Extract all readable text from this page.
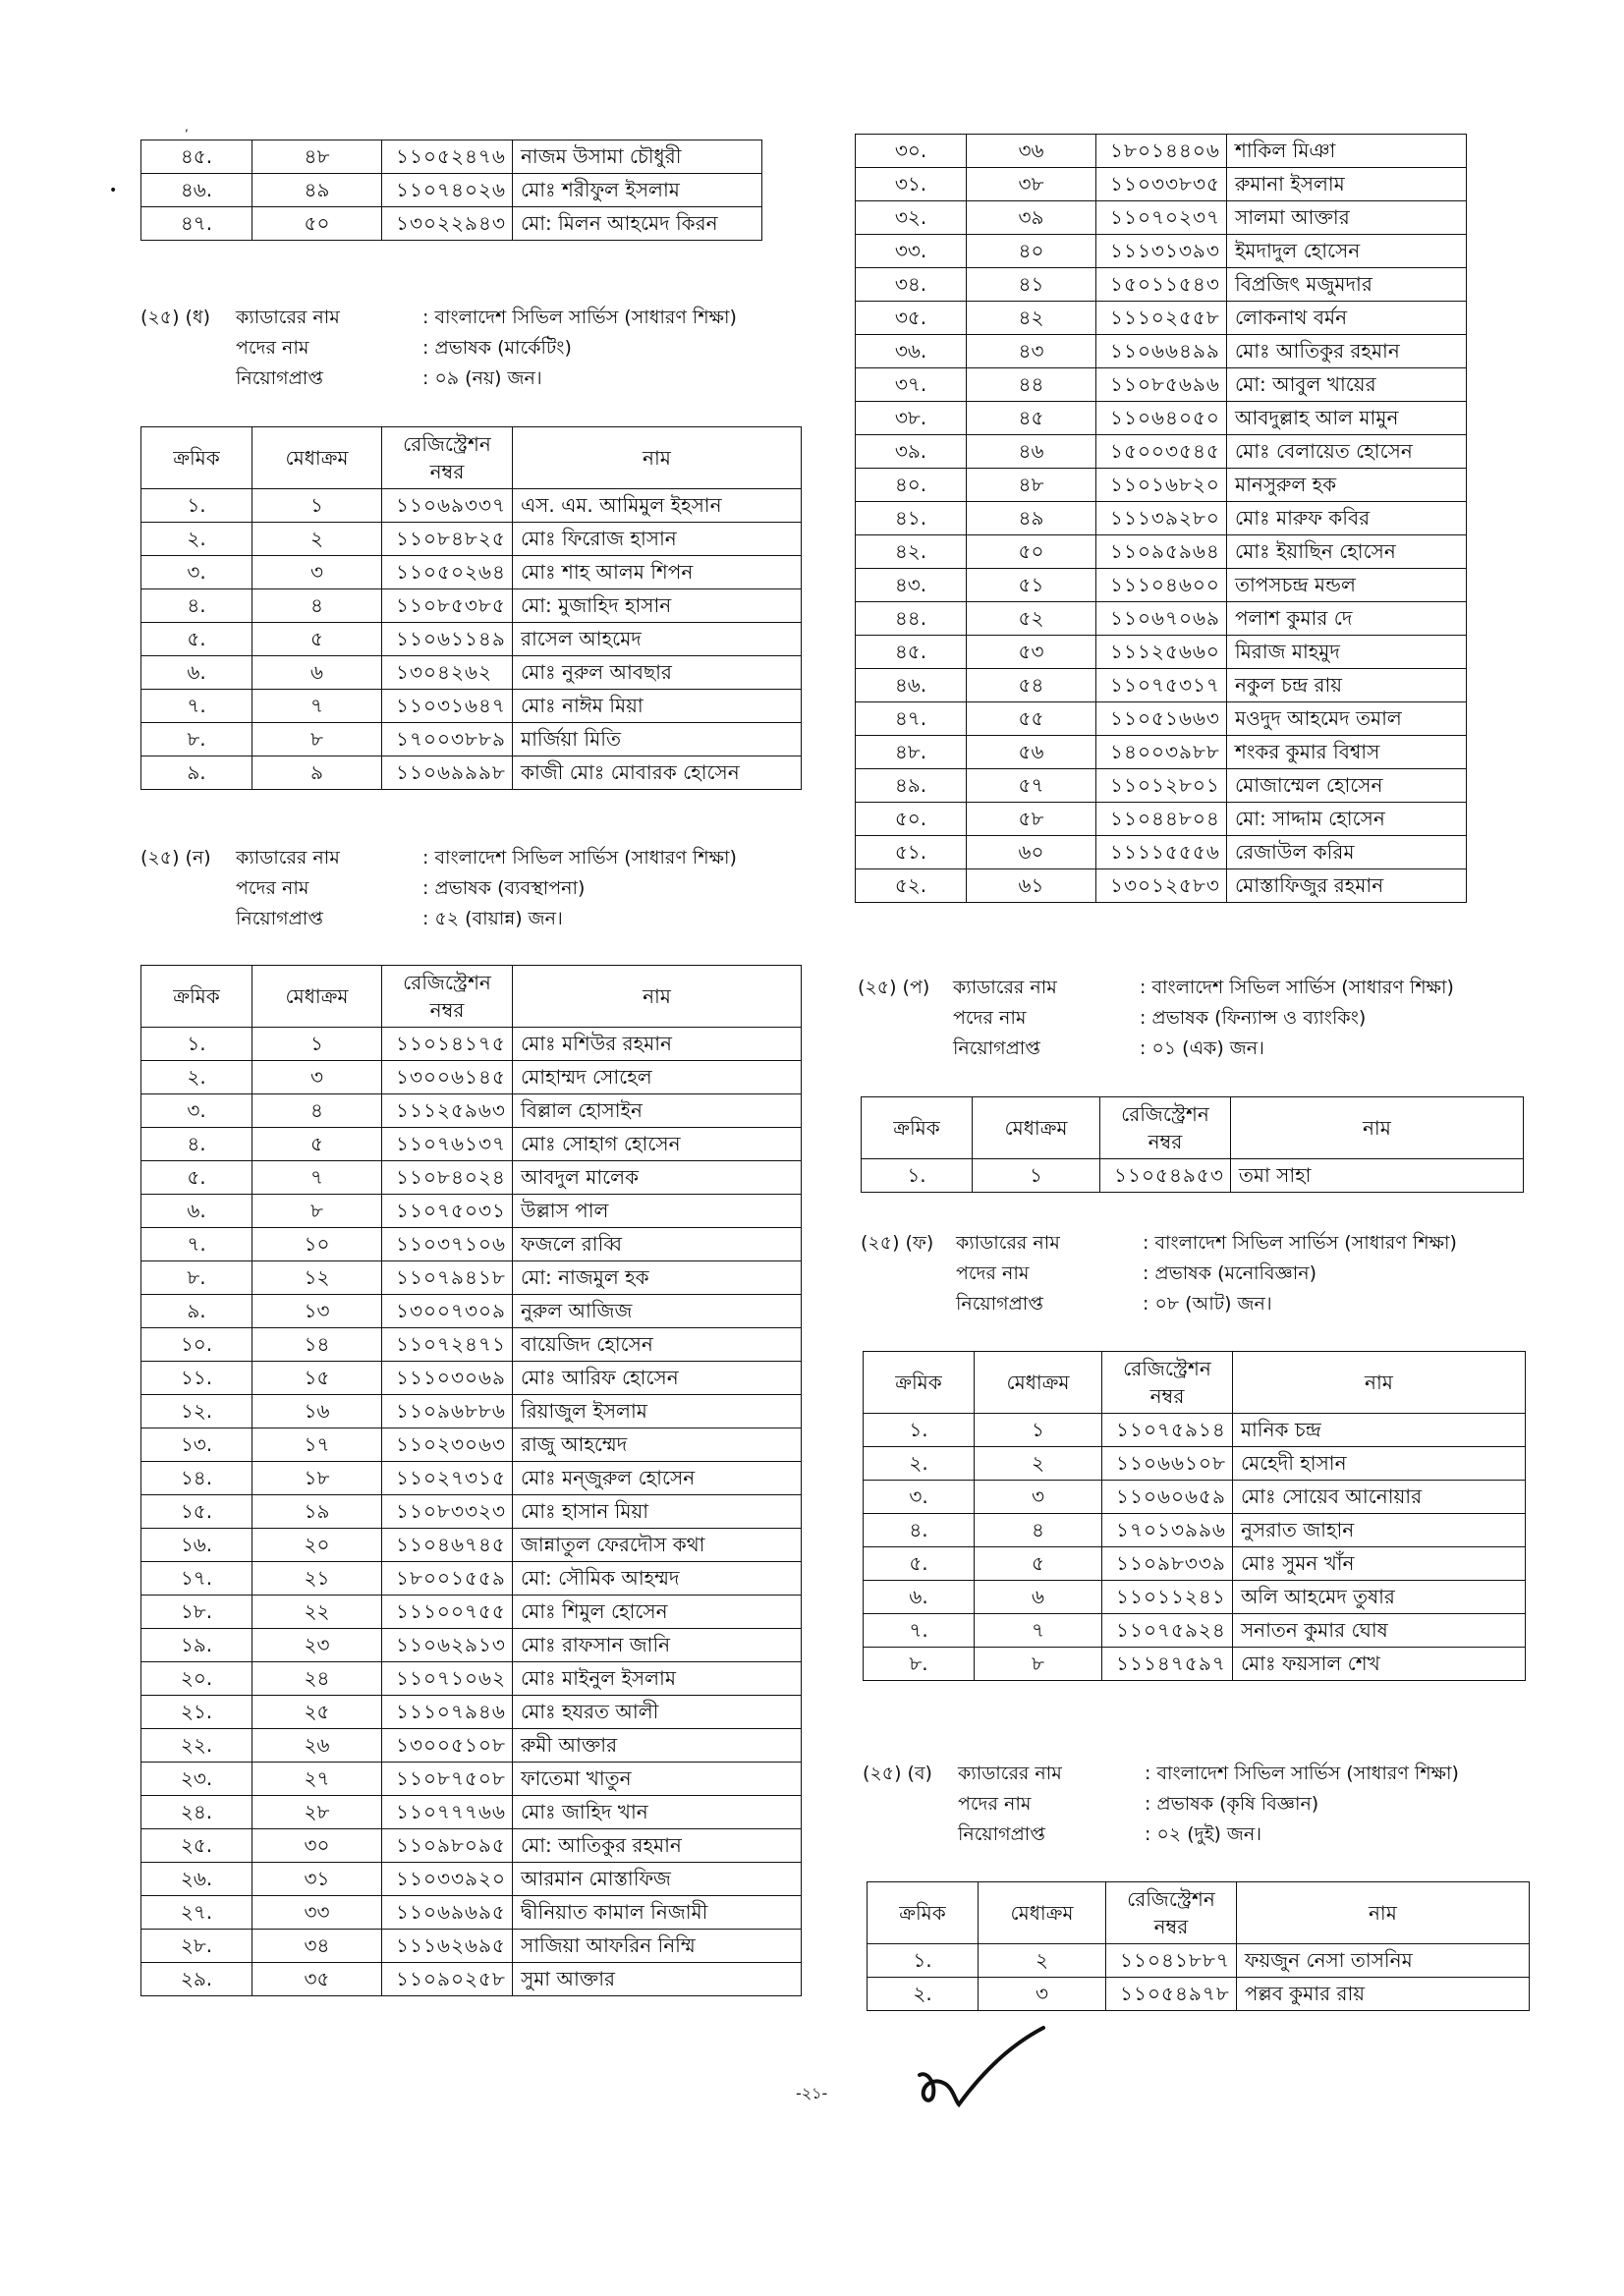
,
•
৪৫.	৪৮	১১০৫২৪৭৬	নাজম উসামা চৌধুরী
৪৬.	৪৯	১১০৭৪০২৬	মোঃ শরীফুল ইসলাম
৪৭.	৫০	১৩০২২৯৪৩	মো: মিলন আহমেদ কিরন
(২৫) (ধ)	ক্যাডারের নাম	: বাংলাদেশ সিভিল সার্ভিস (সাধারণ শিক্ষা)
পদের নাম	: প্রভাষক (মার্কেটিং)
নিয়োগপ্রাপ্ত	: ০৯ (নয়) জন।
ক্রমিক	মেধাক্রম	রেজিস্ট্রেশন নম্বর	নাম
১.	১	১১০৬৯৩৩৭	এস. এম. আমিমুল ইহসান
২.	২	১১০৮৪৮২৫	মোঃ ফিরোজ হাসান
৩.	৩	১১০৫০২৬৪	মোঃ শাহ আলম শিপন
৪.	৪	১১০৮৫৩৮৫	মো: মুজাহিদ হাসান
৫.	৫	১১০৬১১৪৯	রাসেল আহমেদ
৬.	৬	১৩০৪২৬২	মোঃ নুরুল আবছার
৭.	৭	১১০৩১৬৪৭	মোঃ নাঈম মিয়া
৮.	৮	১৭০০৩৮৮৯	মার্জিয়া মিতি
৯.	৯	১১০৬৯৯৯৮	কাজী মোঃ মোবারক হোসেন
(২৫) (ন)	ক্যাডারের নাম	: বাংলাদেশ সিভিল সার্ভিস (সাধারণ শিক্ষা)
পদের নাম	: প্রভাষক (ব্যবস্থাপনা)
নিয়োগপ্রাপ্ত	: ৫২ (বায়ান্ন) জন।
ক্রমিক	মেধাক্রম	রেজিস্ট্রেশন নম্বর	নাম
১.	১	১১০১৪১৭৫	মোঃ মশিউর রহমান
২.	৩	১৩০০৬১৪৫	মোহাম্মদ সোহেল
৩.	৪	১১১২৫৯৬৩	বিল্লাল হোসাইন
৪.	৫	১১০৭৬১৩৭	মোঃ সোহাগ হোসেন
৫.	৭	১১০৮৪০২৪	আবদুল মালেক
৬.	৮	১১০৭৫০৩১	উল্লাস পাল
৭.	১০	১১০৩৭১০৬	ফজলে রাব্বি
৮.	১২	১১০৭৯৪১৮	মো: নাজমুল হক
৯.	১৩	১৩০০৭৩০৯	নুরুল আজিজ
১০.	১৪	১১০৭২৪৭১	বায়েজিদ হোসেন
১১.	১৫	১১১০৩০৬৯	মোঃ আরিফ হোসেন
১২.	১৬	১১০৯৬৮৮৬	রিয়াজুল ইসলাম
১৩.	১৭	১১০২৩০৬৩	রাজু আহম্মেদ
১৪.	১৮	১১০২৭৩১৫	মোঃ মন্জুরুল হোসেন
১৫.	১৯	১১০৮৩৩২৩	মোঃ হাসান মিয়া
১৬.	২০	১১০৪৬৭৪৫	জান্নাতুল ফেরদৌস কথা
১৭.	২১	১৮০০১৫৫৯	মো: সৌমিক আহম্মদ
১৮.	২২	১১১০০৭৫৫	মোঃ শিমুল হোসেন
১৯.	২৩	১১০৬২৯১৩	মোঃ রাফসান জানি
২০.	২৪	১১০৭১০৬২	মোঃ মাইনুল ইসলাম
২১.	২৫	১১১০৭৯৪৬	মোঃ হযরত আলী
২২.	২৬	১৩০০৫১০৮	রুমী আক্তার
২৩.	২৭	১১০৮৭৫০৮	ফাতেমা খাতুন
২৪.	২৮	১১০৭৭৭৬৬	মোঃ জাহিদ খান
২৫.	৩০	১১০৯৮০৯৫	মো: আতিকুর রহমান
২৬.	৩১	১১০৩৩৯২০	আরমান মোস্তাফিজ
২৭.	৩৩	১১০৬৯৬৯৫	দ্বীনিয়াত কামাল নিজামী
২৮.	৩৪	১১১৬২৬৯৫	সাজিয়া আফরিন নিম্মি
২৯.	৩৫	১১০৯০২৫৮	সুমা আক্তার
৩০.	৩৬	১৮০১৪৪০৬	শাকিল মিঞা
৩১.	৩৮	১১০৩৩৮৩৫	রুমানা ইসলাম
৩২.	৩৯	১১০৭০২৩৭	সালমা আক্তার
৩৩.	৪০	১১১৩১৩৯৩	ইমদাদুল হোসেন
৩৪.	৪১	১৫০১১৫৪৩	বিপ্রজিৎ মজুমদার
৩৫.	৪২	১১১০২৫৫৮	লোকনাথ বর্মন
৩৬.	৪৩	১১০৬৬৪৯৯	মোঃ আতিকুর রহমান
৩৭.	৪৪	১১০৮৫৬৯৬	মো: আবুল খায়ের
৩৮.	৪৫	১১০৬৪০৫০	আবদুল্লাহ আল মামুন
৩৯.	৪৬	১৫০০৩৫৪৫	মোঃ বেলায়েত হোসেন
৪০.	৪৮	১১০১৬৮২০	মানসুরুল হক
৪১.	৪৯	১১১৩৯২৮০	মোঃ মারুফ কবির
৪২.	৫০	১১০৯৫৯৬৪	মোঃ ইয়াছিন হোসেন
৪৩.	৫১	১১১০৪৬০০	তাপসচন্দ্র মন্ডল
৪৪.	৫২	১১০৬৭০৬৯	পলাশ কুমার দে
৪৫.	৫৩	১১১২৫৬৬০	মিরাজ মাহমুদ
৪৬.	৫৪	১১০৭৫৩১৭	নকুল চন্দ্র রায়
৪৭.	৫৫	১১০৫১৬৬৩	মওদুদ আহমেদ তমাল
৪৮.	৫৬	১৪০০৩৯৮৮	শংকর কুমার বিশ্বাস
৪৯.	৫৭	১১০১২৮০১	মোজাম্মেল হোসেন
৫০.	৫৮	১১০৪৪৮০৪	মো: সাদ্দাম হোসেন
৫১.	৬০	১১১১৫৫৫৬	রেজাউল করিম
৫২.	৬১	১৩০১২৫৮৩	মোস্তাফিজুর রহমান
(২৫) (প)	ক্যাডারের নাম	: বাংলাদেশ সিভিল সার্ভিস (সাধারণ শিক্ষা)
পদের নাম	: প্রভাষক (ফিন্যান্স ও ব্যাংকিং)
নিয়োগপ্রাপ্ত	: ০১ (এক) জন।
ক্রমিক	মেধাক্রম	রেজিস্ট্রেশন নম্বর	নাম
১.	১	১১০৫৪৯৫৩	তমা সাহা
(২৫) (ফ)	ক্যাডারের নাম	: বাংলাদেশ সিভিল সার্ভিস (সাধারণ শিক্ষা)
পদের নাম	: প্রভাষক (মনোবিজ্ঞান)
নিয়োগপ্রাপ্ত	: ০৮ (আট) জন।
ক্রমিক	মেধাক্রম	রেজিস্ট্রেশন নম্বর	নাম
১.	১	১১০৭৫৯১৪	মানিক চন্দ্র
২.	২	১১০৬৬১০৮	মেহেদী হাসান
৩.	৩	১১০৬০৬৫৯	মোঃ সোয়েব আনোয়ার
৪.	৪	১৭০১৩৯৯৬	নুসরাত জাহান
৫.	৫	১১০৯৮৩৩৯	মোঃ সুমন খাঁন
৬.	৬	১১০১১২৪১	অলি আহমেদ তুষার
৭.	৭	১১০৭৫৯২৪	সনাতন কুমার ঘোষ
৮.	৮	১১১৪৭৫৯৭	মোঃ ফয়সাল শেখ
(২৫) (ব)	ক্যাডারের নাম	: বাংলাদেশ সিভিল সার্ভিস (সাধারণ শিক্ষা)
পদের নাম	: প্রভাষক (কৃষি বিজ্ঞান)
নিয়োগপ্রাপ্ত	: ০২ (দুই) জন।
ক্রমিক	মেধাক্রম	রেজিস্ট্রেশন নম্বর	নাম
১.	২	১১০৪১৮৮৭	ফয়জুন নেসা তাসনিম
২.	৩	১১০৫৪৯৭৮	পল্লব কুমার রায়
-২১-
